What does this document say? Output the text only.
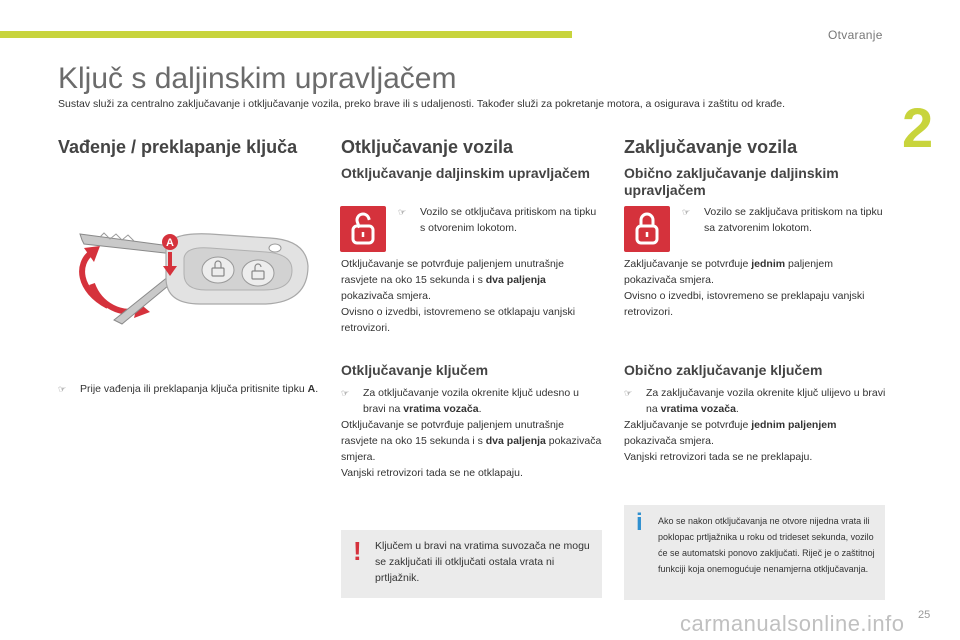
Otvaranje
2
Ključ s daljinskim upravljačem
Sustav služi za centralno zaključavanje i otključavanje vozila, preko brave ili s udaljenosti. Također služi za pokretanje motora, a osigurava i zaštitu od krađe.
Vađenje / preklapanje ključa
A
☞ Prije vađenja ili preklapanja ključa pritisnite tipku A.
Otključavanje vozila
Otključavanje daljinskim upravljačem
☞ Vozilo se otključava pritiskom na tipku s otvorenim lokotom.
Otključavanje se potvrđuje paljenjem unutrašnje rasvjete na oko 15 sekunda i s dva paljenja pokazivača smjera.
Ovisno o izvedbi, istovremeno se otklapaju vanjski retrovizori.
Otključavanje ključem
☞ Za otključavanje vozila okrenite ključ udesno u bravi na vratima vozača.
Otključavanje se potvrđuje paljenjem unutrašnje rasvjete na oko 15 sekunda i s dva paljenja pokazivača smjera.
Vanjski retrovizori tada se ne otklapaju.
! Ključem u bravi na vratima suvozača ne mogu se zaključati ili otključati ostala vrata ni prtljažnik.
Zaključavanje vozila
Obično zaključavanje daljinskim upravljačem
☞ Vozilo se zaključava pritiskom na tipku sa zatvorenim lokotom.
Zaključavanje se potvrđuje jednim paljenjem pokazivača smjera.
Ovisno o izvedbi, istovremeno se preklapaju vanjski retrovizori.
Obično zaključavanje ključem
☞ Za zaključavanje vozila okrenite ključ ulijevo u bravi na vratima vozača.
Zaključavanje se potvrđuje jednim paljenjem pokazivača smjera.
Vanjski retrovizori tada se ne preklapaju.
i Ako se nakon otključavanja ne otvore nijedna vrata ili poklopac prtljažnika u roku od trideset sekunda, vozilo će se automatski ponovo zaključati. Riječ je o zaštitnoj funkciji koja onemogućuje nenamjerna otključavanja.
carmanualsonline.info 25
